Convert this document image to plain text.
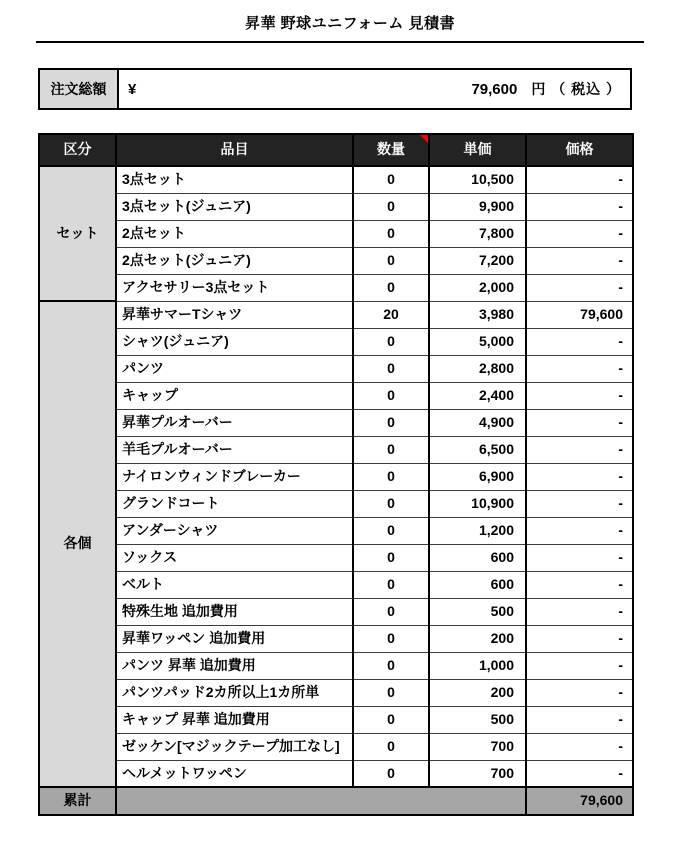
昇華 野球ユニフォーム 見積書
注文総額	¥	79,600 円 （ 税込 ）
区分	品目	数量	単価	価格
セット	3点セット	0	10,500	-
	3点セット(ジュニア)	0	9,900	-
	2点セット	0	7,800	-
	2点セット(ジュニア)	0	7,200	-
	アクセサリー3点セット	0	2,000	-
各個	昇華サマーTシャツ	20	3,980	79,600
	シャツ(ジュニア)	0	5,000	-
	パンツ	0	2,800	-
	キャップ	0	2,400	-
	昇華プルオーバー	0	4,900	-
	羊毛プルオーバー	0	6,500	-
	ナイロンウィンドブレーカー	0	6,900	-
	グランドコート	0	10,900	-
	アンダーシャツ	0	1,200	-
	ソックス	0	600	-
	ベルト	0	600	-
	特殊生地 追加費用	0	500	-
	昇華ワッペン 追加費用	0	200	-
	パンツ 昇華 追加費用	0	1,000	-
	パンツパッド2カ所以上1カ所単	0	200	-
	キャップ 昇華 追加費用	0	500	-
	ゼッケン[マジックテープ加工なし]	0	700	-
	ヘルメットワッペン	0	700	-
累計				79,600
